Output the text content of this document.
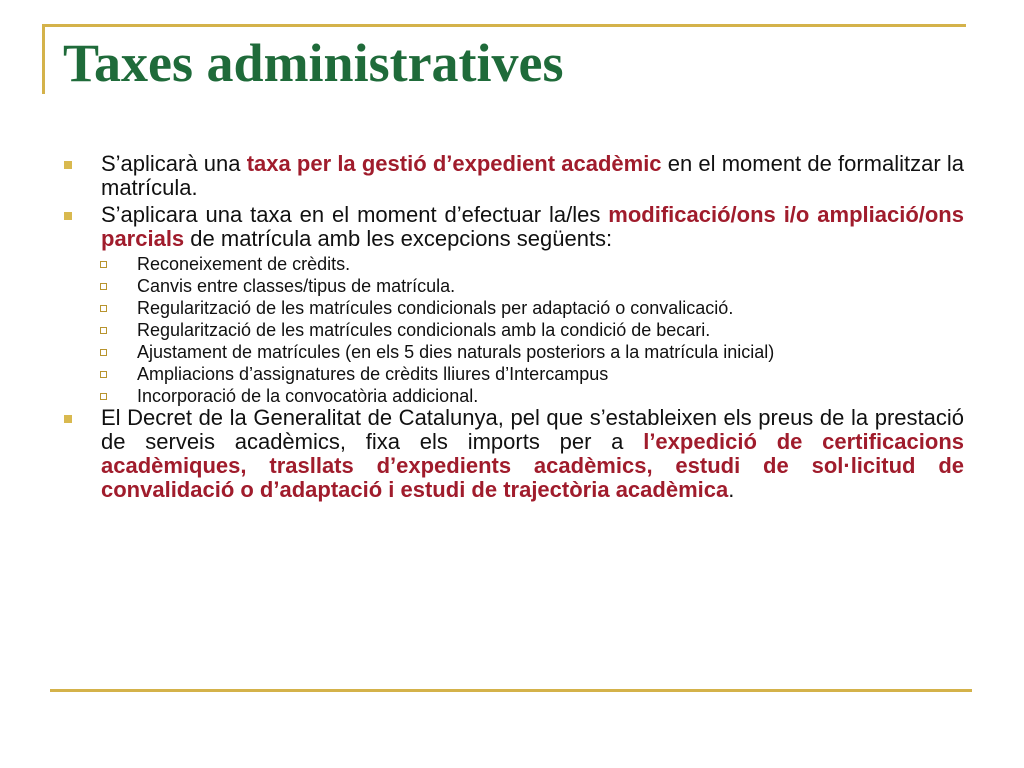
Taxes administratives
S’aplicarà una taxa per la gestió d’expedient acadèmic en el moment de formalitzar la matrícula.
S’aplicara una taxa en el moment d’efectuar la/les modificació/ons i/o ampliació/ons parcials de matrícula amb les excepcions següents:
Reconeixement de crèdits.
Canvis entre classes/tipus de matrícula.
Regularització de les matrícules condicionals per adaptació o convalicació.
Regularització de les matrícules condicionals amb la condició de becari.
Ajustament de matrícules (en els 5 dies naturals posteriors a la matrícula inicial)
Ampliacions d’assignatures de crèdits lliures d’Intercampus
Incorporació de la convocatòria addicional.
El Decret de la Generalitat de Catalunya, pel que s’estableixen els preus de la prestació de serveis acadèmics, fixa els imports per a l’expedició de certificacions acadèmiques, trasllats d’expedients acadèmics, estudi de sol·licitud de convalidació o d’adaptació i estudi de trajectòria acadèmica.
